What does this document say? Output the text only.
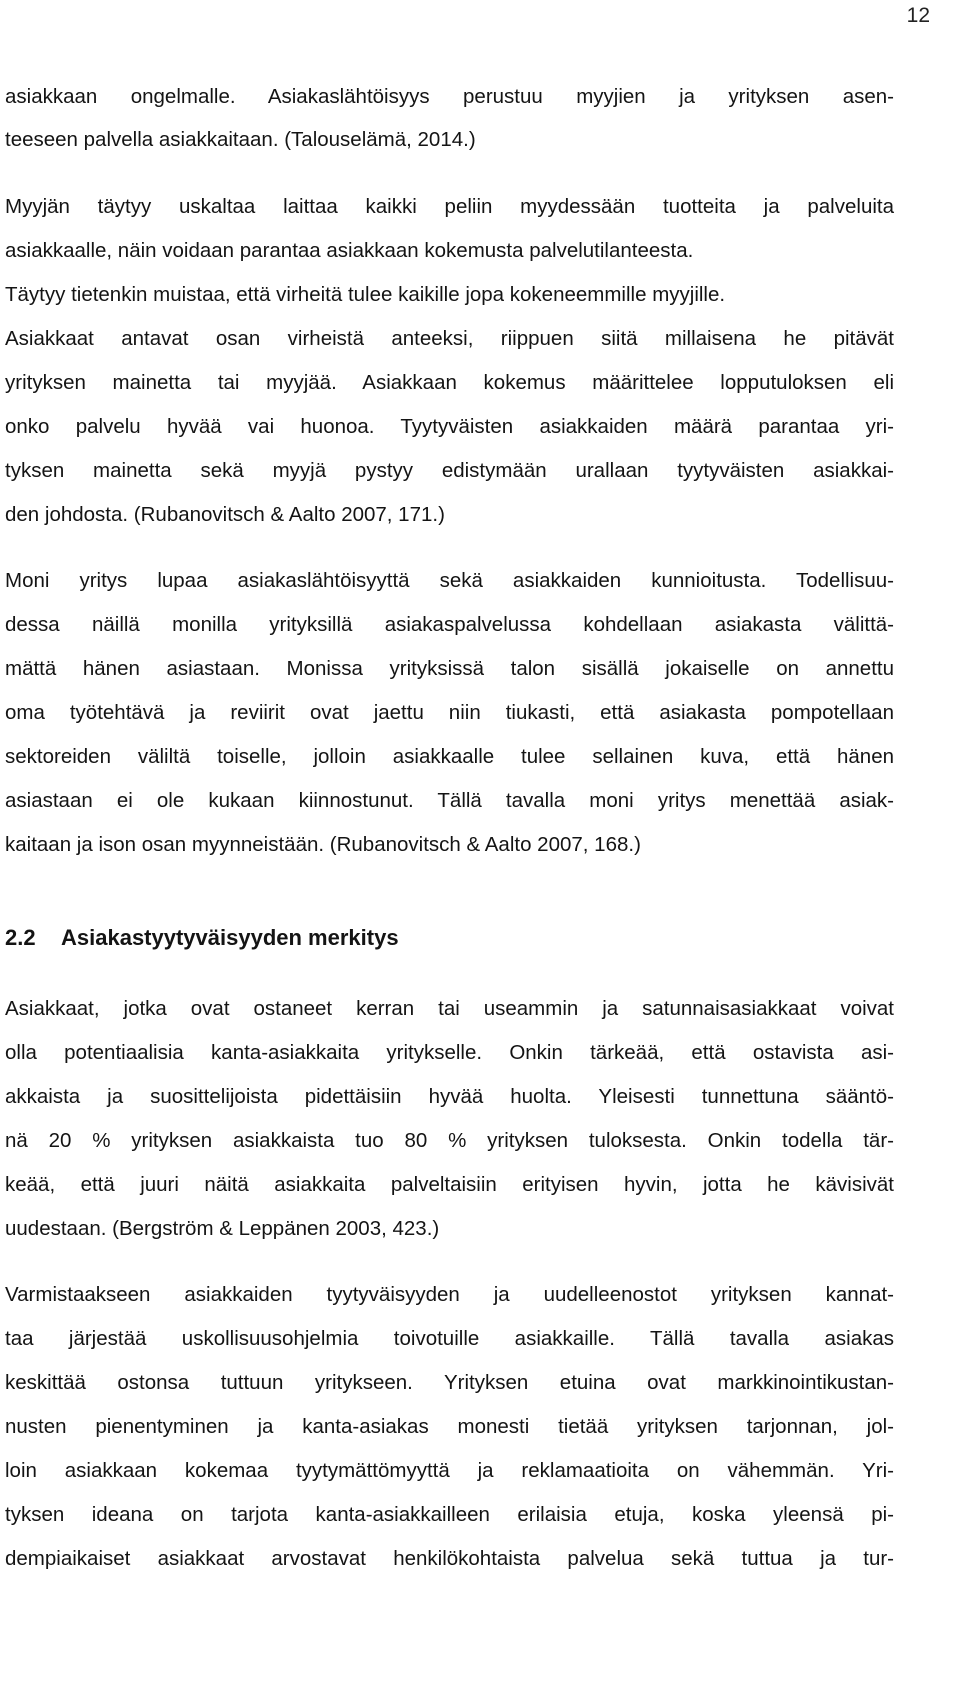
12
asiakkaan ongelmalle. Asiakaslähtöisyys perustuu myyjien ja yrityksen asen-
teeseen palvella asiakkaitaan. (Talouselämä, 2014.)
Myyjän täytyy uskaltaa laittaa kaikki peliin myydessään tuotteita ja palveluita
asiakkaalle, näin voidaan parantaa asiakkaan kokemusta palvelutilanteesta.
Täytyy tietenkin muistaa, että virheitä tulee kaikille jopa kokeneemmille myyjille.
Asiakkaat antavat osan virheistä anteeksi, riippuen siitä millaisena he pitävät
yrityksen mainetta tai myyjää. Asiakkaan kokemus määrittelee lopputuloksen eli
onko palvelu hyvää vai huonoa. Tyytyväisten asiakkaiden määrä parantaa yri-
tyksen mainetta sekä myyjä pystyy edistymään urallaan tyytyväisten asiakkai-
den johdosta. (Rubanovitsch & Aalto 2007, 171.)
Moni yritys lupaa asiakaslähtöisyyttä sekä asiakkaiden kunnioitusta. Todellisuu-
dessa näillä monilla yrityksillä asiakaspalvelussa kohdellaan asiakasta välittä-
mättä hänen asiastaan. Monissa yrityksissä talon sisällä jokaiselle on annettu
oma työtehtävä ja reviirit ovat jaettu niin tiukasti, että asiakasta pompotellaan
sektoreiden väliltä toiselle, jolloin asiakkaalle tulee sellainen kuva, että hänen
asiastaan ei ole kukaan kiinnostunut. Tällä tavalla moni yritys menettää asiak-
kaitaan ja ison osan myynneistään. (Rubanovitsch & Aalto 2007, 168.)
2.2 Asiakastyytyväisyyden merkitys
Asiakkaat, jotka ovat ostaneet kerran tai useammin ja satunnaisasiakkaat voivat
olla potentiaalisia kanta-asiakkaita yritykselle. Onkin tärkeää, että ostavista asi-
akkaista ja suosittelijoista pidettäisiin hyvää huolta. Yleisesti tunnettuna sääntö-
nä 20 % yrityksen asiakkaista tuo 80 % yrityksen tuloksesta. Onkin todella tär-
keää, että juuri näitä asiakkaita palveltaisiin erityisen hyvin, jotta he kävisivät
uudestaan. (Bergström & Leppänen 2003, 423.)
Varmistaakseen asiakkaiden tyytyväisyyden ja uudelleenostot yrityksen kannat-
taa järjestää uskollisuusohjelmia toivotuille asiakkaille. Tällä tavalla asiakas
keskittää ostonsa tuttuun yritykseen. Yrityksen etuina ovat markkinointikustan-
nusten pienentyminen ja kanta-asiakas monesti tietää yrityksen tarjonnan, jol-
loin asiakkaan kokemaa tyytymättömyyttä ja reklamaatioita on vähemmän. Yri-
tyksen ideana on tarjota kanta-asiakkailleen erilaisia etuja, koska yleensä pi-
dempiaikaiset asiakkaat arvostavat henkilökohtaista palvelua sekä tuttua ja tur-
